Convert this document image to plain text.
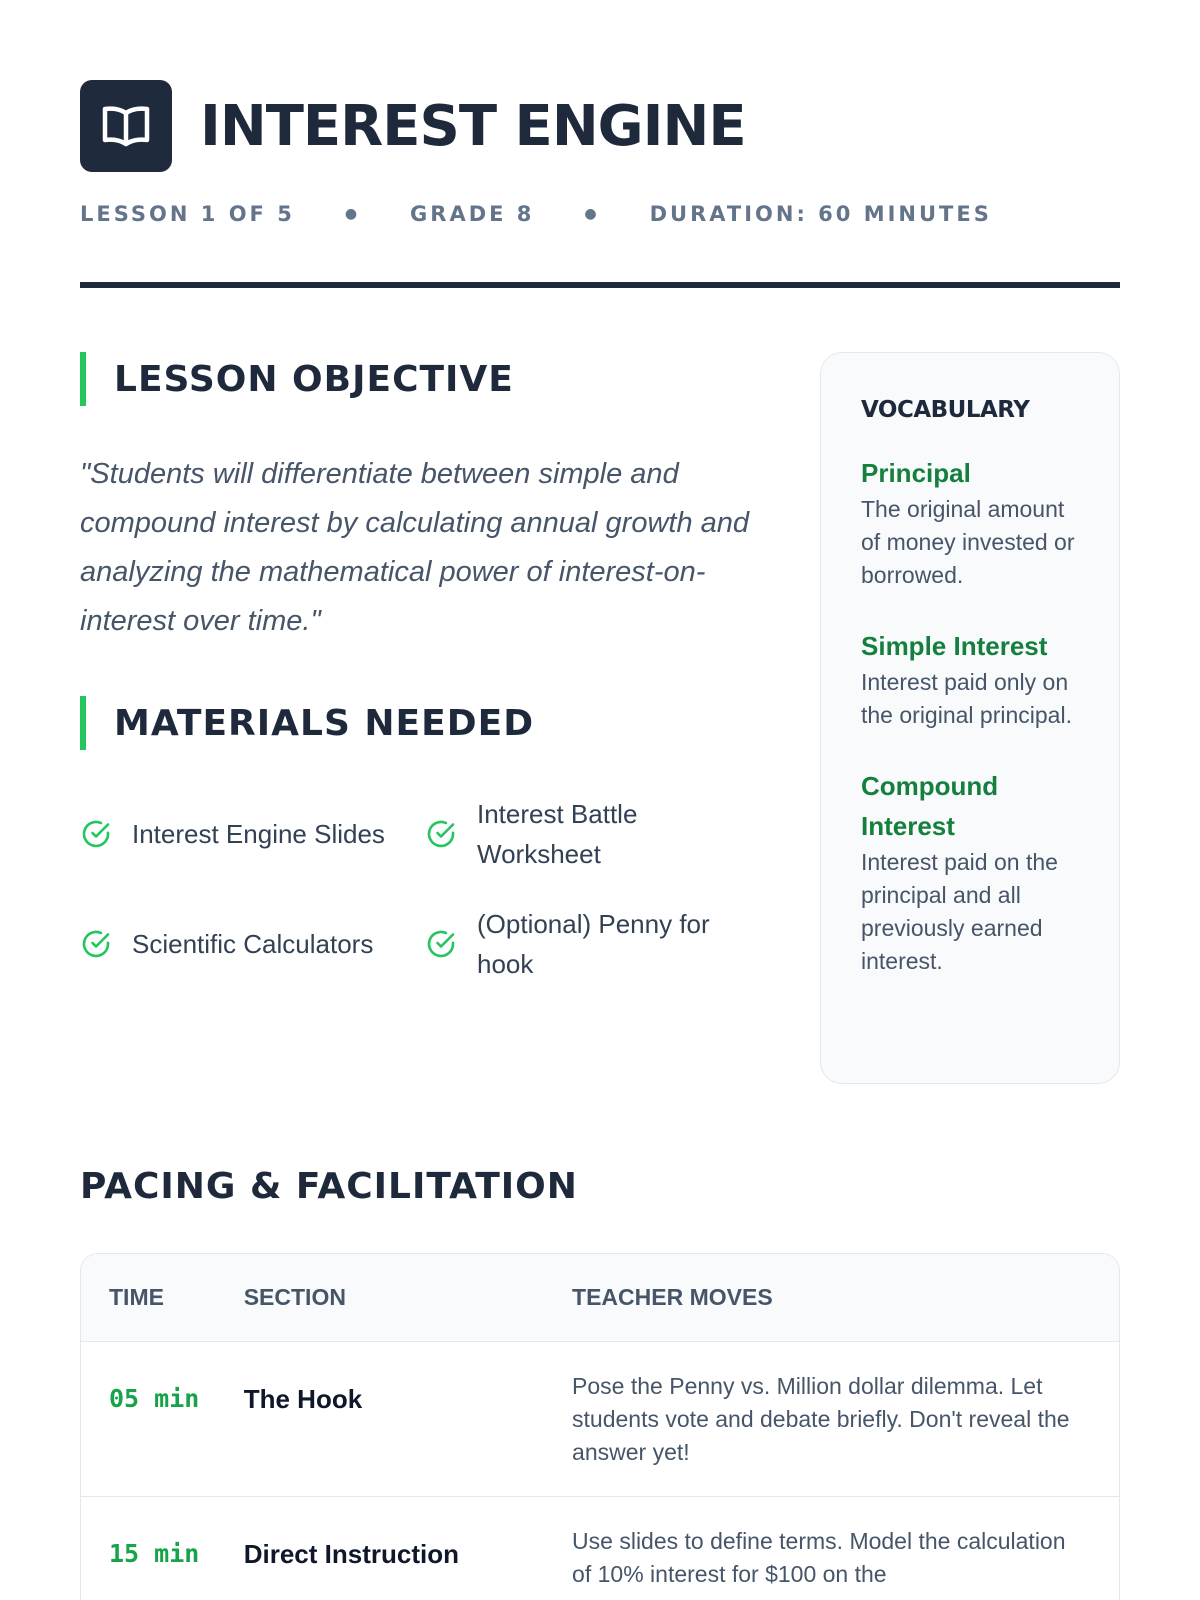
INTEREST ENGINE
LESSON 1 OF 5	● GRADE 8	● DURATION: 60 MINUTES
LESSON OBJECTIVE

"Students will differentiate between simple and compound interest by calculating annual growth and analyzing the mathematical power of interest-on-interest over time."

MATERIALS NEEDED
Interest Engine Slides
Interest Battle Worksheet
Scientific Calculators
(Optional) Penny for hook
VOCABULARY
Principal
The original amount of money invested or borrowed.
Simple Interest
Interest paid only on the original principal.
Compound Interest
Interest paid on the principal and all previously earned interest.
PACING & FACILITATION
TIME	SECTION	TEACHER MOVES
05 min	The Hook	Pose the Penny vs. Million dollar dilemma. Let students vote and debate briefly. Don't reveal the answer yet!
15 min	Direct Instruction	Use slides to define terms. Model the calculation of 10% interest for $100 on the
